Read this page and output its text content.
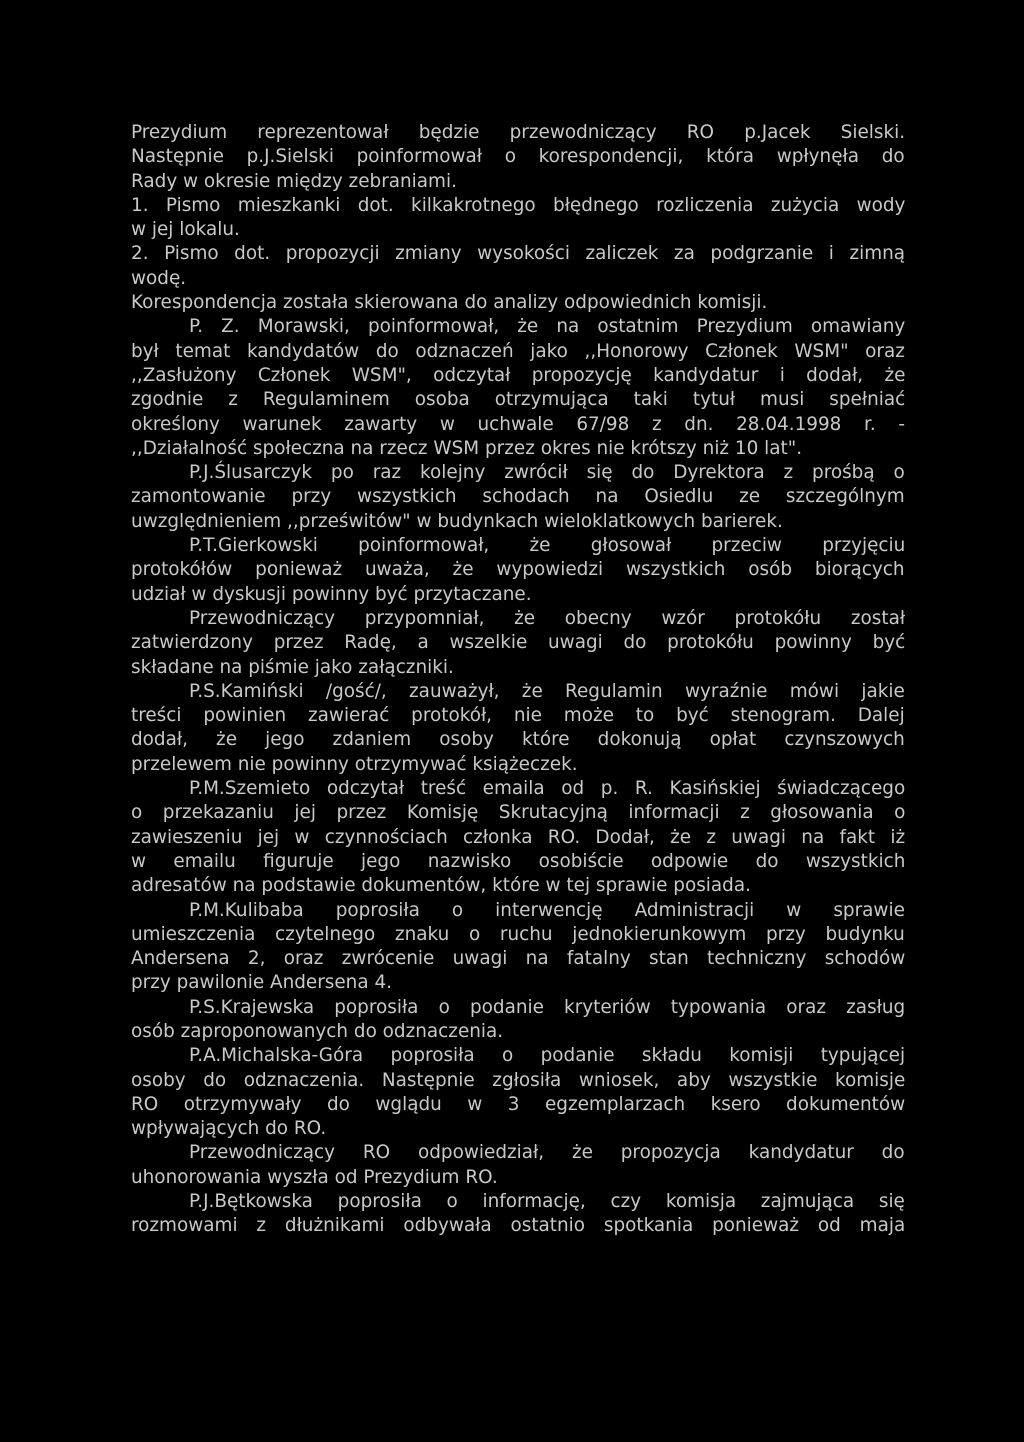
Prezydium reprezentował będzie przewodniczący RO p.Jacek Sielski.
Następnie p.J.Sielski poinformował o korespondencji, która wpłynęła do
Rady w okresie między zebraniami.
1. Pismo mieszkanki dot. kilkakrotnego błędnego rozliczenia zużycia wody
w jej lokalu.
2. Pismo dot. propozycji zmiany wysokości zaliczek za podgrzanie i zimną
wodę.
Korespondencja została skierowana do analizy odpowiednich komisji.
P. Z. Morawski, poinformował, że na ostatnim Prezydium omawiany
był temat kandydatów do odznaczeń jako ,,Honorowy Członek WSM" oraz
,,Zasłużony Członek WSM", odczytał propozycję kandydatur i dodał, że
zgodnie z Regulaminem osoba otrzymująca taki tytuł musi spełniać
określony warunek zawarty w uchwale 67/98 z dn. 28.04.1998 r. -
,,Działalność społeczna na rzecz WSM przez okres nie krótszy niż 10 lat".
P.J.Ślusarczyk po raz kolejny zwrócił się do Dyrektora z prośbą o
zamontowanie przy wszystkich schodach na Osiedlu ze szczególnym
uwzględnieniem ,,prześwitów" w budynkach wieloklatkowych barierek.
P.T.Gierkowski poinformował, że głosował przeciw przyjęciu
protokółów ponieważ uważa, że wypowiedzi wszystkich osób biorących
udział w dyskusji powinny być przytaczane.
Przewodniczący przypomniał, że obecny wzór protokółu został
zatwierdzony przez Radę, a wszelkie uwagi do protokółu powinny być
składane na piśmie jako załączniki.
P.S.Kamiński /gość/, zauważył, że Regulamin wyraźnie mówi jakie
treści powinien zawierać protokół, nie może to być stenogram. Dalej
dodał, że jego zdaniem osoby które dokonują opłat czynszowych
przelewem nie powinny otrzymywać książeczek.
P.M.Szemieto odczytał treść emaila od p. R. Kasińskiej świadczącego
o przekazaniu jej przez Komisję Skrutacyjną informacji z głosowania o
zawieszeniu jej w czynnościach członka RO. Dodał, że z uwagi na fakt iż
w emailu figuruje jego nazwisko osobiście odpowie do wszystkich
adresatów na podstawie dokumentów, które w tej sprawie posiada.
P.M.Kulibaba poprosiła o interwencję Administracji w sprawie
umieszczenia czytelnego znaku o ruchu jednokierunkowym przy budynku
Andersena 2, oraz zwrócenie uwagi na fatalny stan techniczny schodów
przy pawilonie Andersena 4.
P.S.Krajewska poprosiła o podanie kryteriów typowania oraz zasług
osób zaproponowanych do odznaczenia.
P.A.Michalska-Góra poprosiła o podanie składu komisji typującej
osoby do odznaczenia. Następnie zgłosiła wniosek, aby wszystkie komisje
RO otrzymywały do wglądu w 3 egzemplarzach ksero dokumentów
wpływających do RO.
Przewodniczący RO odpowiedział, że propozycja kandydatur do
uhonorowania wyszła od Prezydium RO.
P.J.Bętkowska poprosiła o informację, czy komisja zajmująca się
rozmowami z dłużnikami odbywała ostatnio spotkania ponieważ od maja
